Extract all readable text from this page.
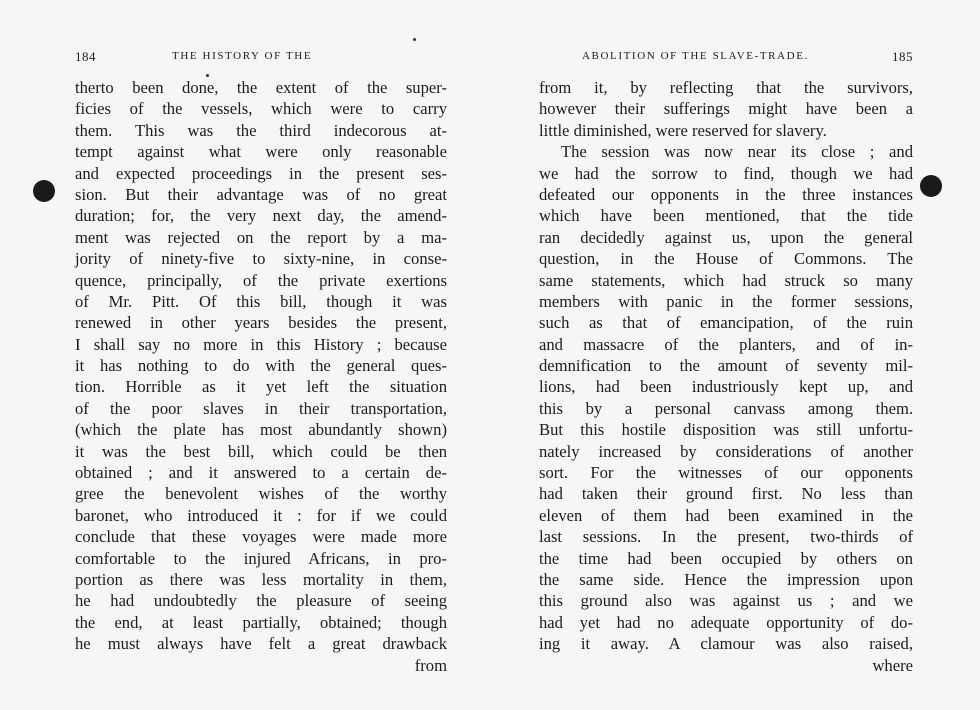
184	THE HISTORY OF THE
therto been done, the extent of the super-
ficies of the vessels, which were to carry
them. This was the third indecorous at-
tempt against what were only reasonable
and expected proceedings in the present ses-
sion. But their advantage was of no great
duration; for, the very next day, the amend-
ment was rejected on the report by a ma-
jority of ninety-five to sixty-nine, in conse-
quence, principally, of the private exertions
of Mr. Pitt. Of this bill, though it was
renewed in other years besides the present,
I shall say no more in this History ; because
it has nothing to do with the general ques-
tion. Horrible as it yet left the situation
of the poor slaves in their transportation,
(which the plate has most abundantly shown)
it was the best bill, which could be then
obtained ; and it answered to a certain de-
gree the benevolent wishes of the worthy
baronet, who introduced it : for if we could
conclude that these voyages were made more
comfortable to the injured Africans, in pro-
portion as there was less mortality in them,
he had undoubtedly the pleasure of seeing
the end, at least partially, obtained; though
he must always have felt a great drawback
from
ABOLITION OF THE SLAVE-TRADE.	185
from it, by reflecting that the survivors,
however their sufferings might have been a
little diminished, were reserved for slavery.
The session was now near its close ; and
we had the sorrow to find, though we had
defeated our opponents in the three instances
which have been mentioned, that the tide
ran decidedly against us, upon the general
question, in the House of Commons. The
same statements, which had struck so many
members with panic in the former sessions,
such as that of emancipation, of the ruin
and massacre of the planters, and of in-
demnification to the amount of seventy mil-
lions, had been industriously kept up, and
this by a personal canvass among them.
But this hostile disposition was still unfortu-
nately increased by considerations of another
sort. For the witnesses of our opponents
had taken their ground first. No less than
eleven of them had been examined in the
last sessions. In the present, two-thirds of
the time had been occupied by others on
the same side. Hence the impression upon
this ground also was against us ; and we
had yet had no adequate opportunity of do-
ing it away. A clamour was also raised,
where
